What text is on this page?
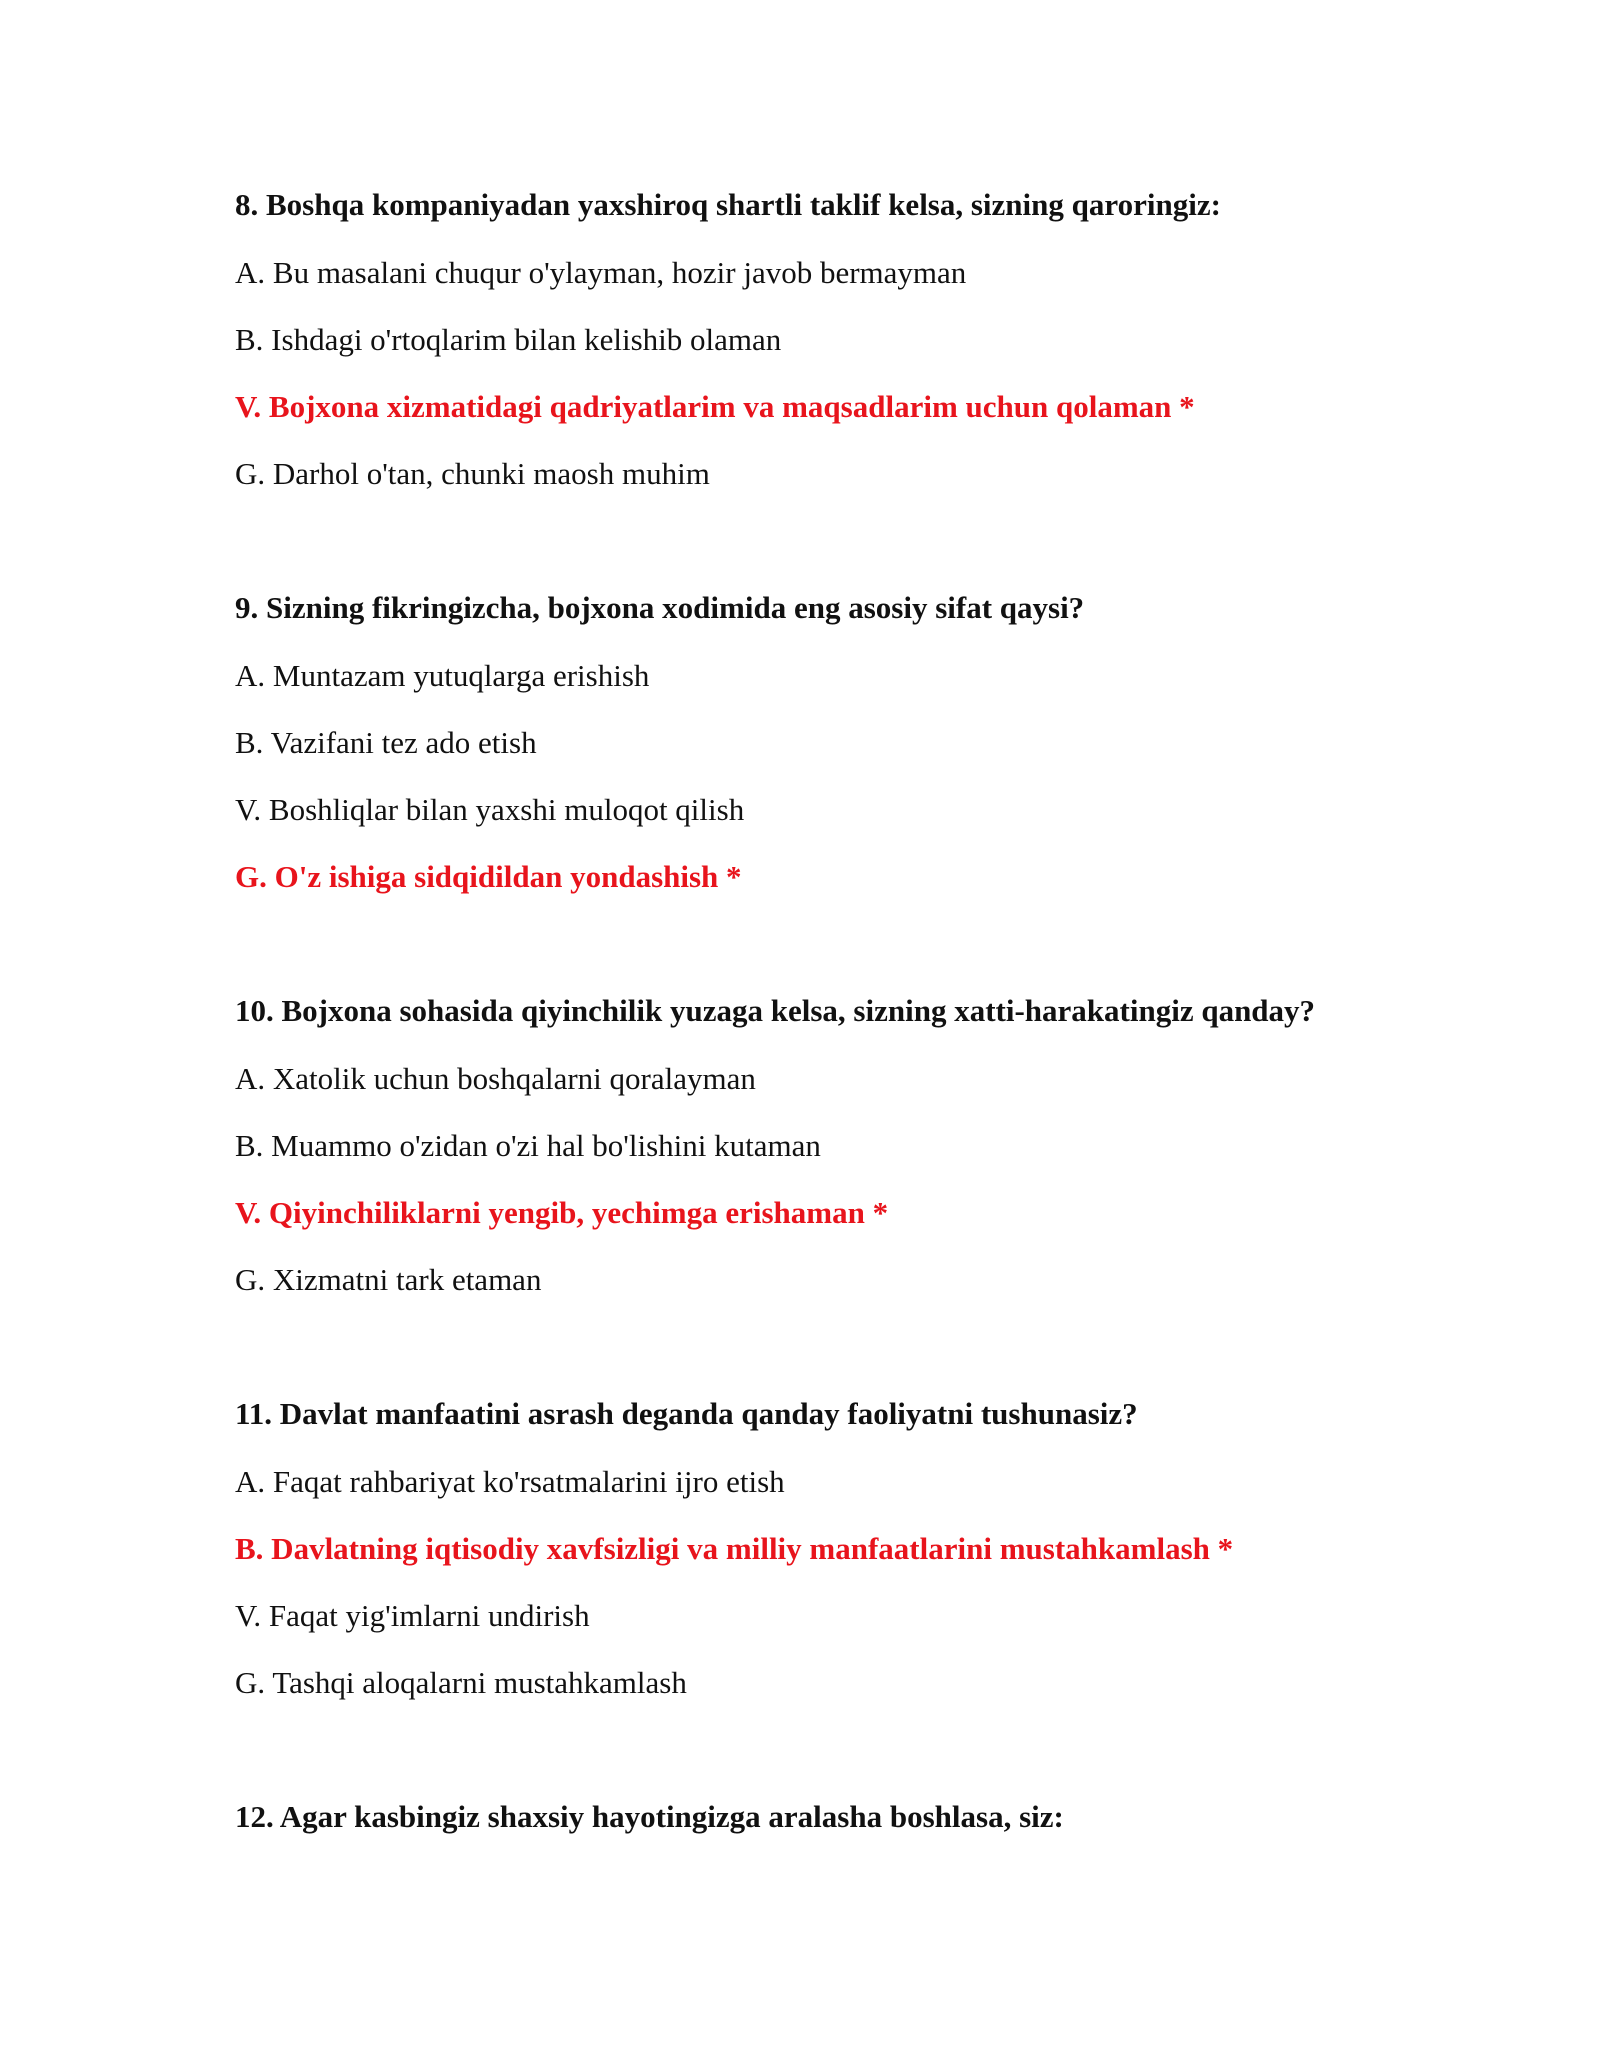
8. Boshqa kompaniyadan yaxshiroq shartli taklif kelsa, sizning qaroringiz:

A. Bu masalani chuqur o'ylayman, hozir javob bermayman

B. Ishdagi o'rtoqlarim bilan kelishib olaman

V. Bojxona xizmatidagi qadriyatlarim va maqsadlarim uchun qolaman *

G. Darhol o'tan, chunki maosh muhim

9. Sizning fikringizcha, bojxona xodimida eng asosiy sifat qaysi?

A. Muntazam yutuqlarga erishish

B. Vazifani tez ado etish

V. Boshliqlar bilan yaxshi muloqot qilish

G. O'z ishiga sidqidildan yondashish *

10. Bojxona sohasida qiyinchilik yuzaga kelsa, sizning xatti-harakatingiz qanday?

A. Xatolik uchun boshqalarni qoralayman

B. Muammo o'zidan o'zi hal bo'lishini kutaman

V. Qiyinchiliklarni yengib, yechimga erishaman *

G. Xizmatni tark etaman

11. Davlat manfaatini asrash deganda qanday faoliyatni tushunasiz?

A. Faqat rahbariyat ko'rsatmalarini ijro etish

B. Davlatning iqtisodiy xavfsizligi va milliy manfaatlarini mustahkamlash *

V. Faqat yig'imlarni undirish

G. Tashqi aloqalarni mustahkamlash

12. Agar kasbingiz shaxsiy hayotingizga aralasha boshlasa, siz:
